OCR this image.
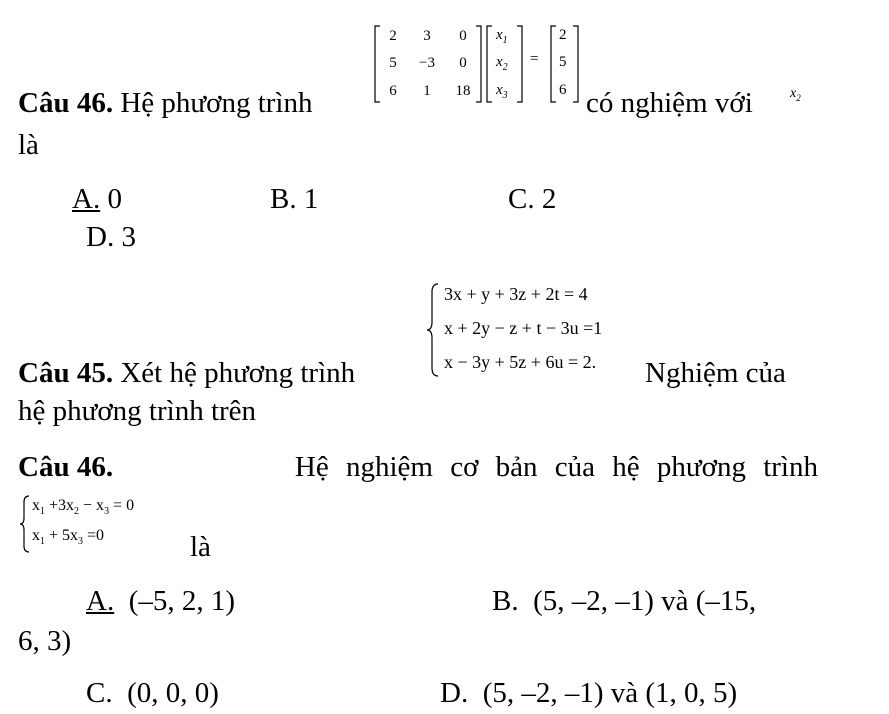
Câu 46. Hệ phương trình
2	3	0
5	−3	0
6	1	18
$x_1$
$x_2$
$x_3$
=
2
5
6 có nghiệm với	$x_2$
là
A. 0	B. 1	C. 2
D. 3
Câu 45. Xét hệ phương trình
3x + y + 3z + 2t = 4
x + 2y − z + t − 3u =1
x − 3y + 5z + 6u = 2. Nghiệm của
hệ phương trình trên
Câu 46.	Hệ nghiệm cơ bản của hệ phương trình
$x_1 +3x_2 - x_3 = 0$
$x_1 + 5x_3 =0$	là
A. (–5, 2, 1)	B. (5, –2, –1) và (–15,
6, 3)
C. (0, 0, 0)	D. (5, –2, –1) và (1, 0, 5)
